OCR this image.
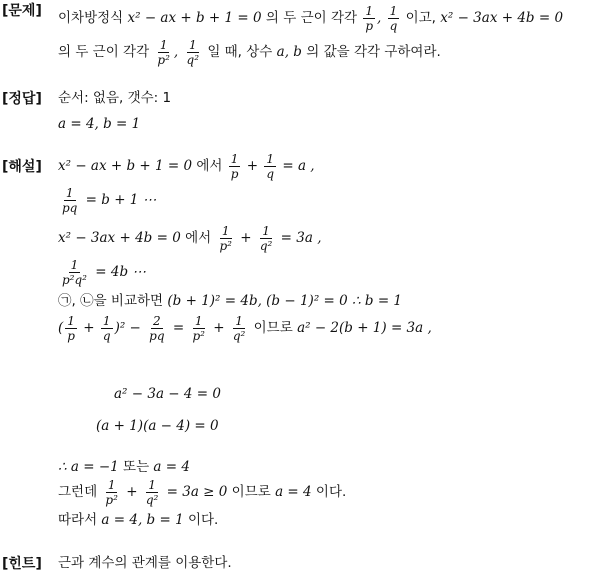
[문제] 이차방정식 x² − ax + b + 1 = 0 의 두 근이 각각 $\frac{1}{p}$ , $\frac{1}{q}$ 이고, x² − 3ax + 4b = 0
의 두 근이 각각 $\frac{1}{\text{p²}}$ , $\frac{1}{\text{q²}}$ 일 때, 상수 a, b 의 값을 각각 구하여라.
[정답] 순서: 없음, 갯수: 1
a = 4, b = 1
[해설] x² − ax + b + 1 = 0 에서 $\frac{1}{p} + \frac{1}{q} = a$ ,
$\frac{1}{pq} = b + 1$ ⋯
x² − 3ax + 4b = 0 에서 $\frac{1}{\text{p²}} + \frac{1}{\text{q²}} = 3a$ ,
$\frac{1}{\text{p²q²}} = 4b$ ⋯
㉠, ㉡을 비교하면 (b + 1)² = 4b, (b − 1)² = 0 ∴ b = 1
( $\frac{1}{p} + \frac{1}{q} )^2 - \frac{2}{pq} = \frac{1}{\text{p²}} + \frac{1}{\text{q²}}$ 이므로 a² − 2(b + 1) = 3a ,
a² − 3a − 4 = 0
(a + 1)(a − 4) = 0
∴ a = −1 또는 a = 4
그런데 $\frac{1}{\text{p²}} + \frac{1}{\text{q²}} = 3a \ge 0$ 이므로 a = 4 이다.
따라서 a = 4, b = 1 이다.
[힌트] 근과 계수의 관계를 이용한다.
